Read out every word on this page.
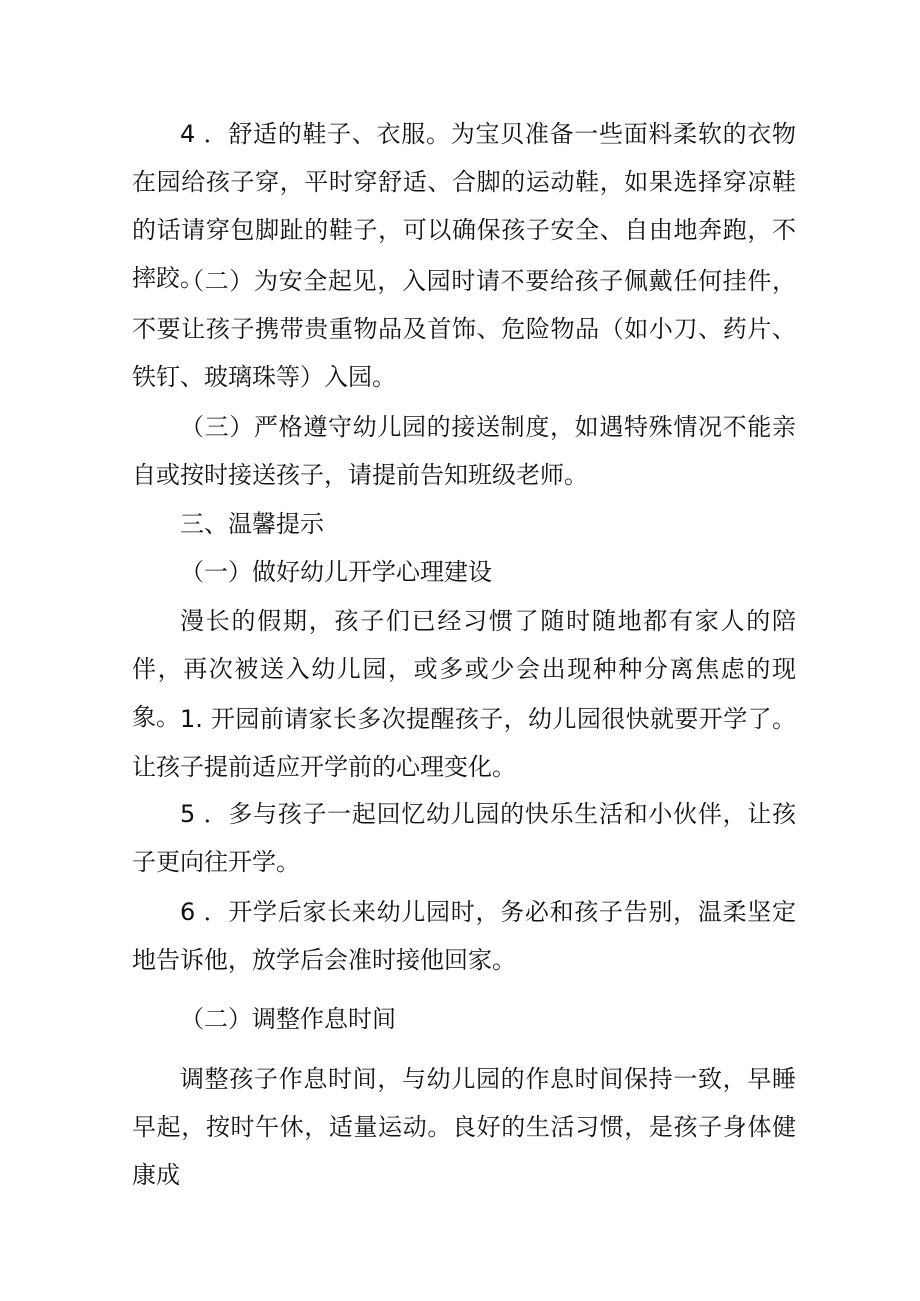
4 ．舒适的鞋子、衣服。为宝贝准备一些面料柔软的衣物在园给孩子穿，平时穿舒适、合脚的运动鞋，如果选择穿凉鞋的话请穿包脚趾的鞋子，可以确保孩子安全、自由地奔跑，不摔跤。

（二）为安全起见，入园时请不要给孩子佩戴任何挂件，不要让孩子携带贵重物品及首饰、危险物品（如小刀、药片、铁钉、玻璃珠等）入园。

（三）严格遵守幼儿园的接送制度，如遇特殊情况不能亲自或按时接送孩子，请提前告知班级老师。

三、温馨提示
（一）做好幼儿开学心理建设

漫长的假期，孩子们已经习惯了随时随地都有家人的陪伴，再次被送入幼儿园，或多或少会出现种种分离焦虑的现象。 1. 开园前请家长多次提醒孩子，幼儿园很快就要开学了。让孩子提前适应开学前的心理变化。

5 ．多与孩子一起回忆幼儿园的快乐生活和小伙伴，让孩子更向往开学。

6 ．开学后家长来幼儿园时，务必和孩子告别，温柔坚定地告诉他，放学后会准时接他回家。

（二）调整作息时间

调整孩子作息时间，与幼儿园的作息时间保持一致，早睡早起，按时午休，适量运动。良好的生活习惯，是孩子身体健康成
